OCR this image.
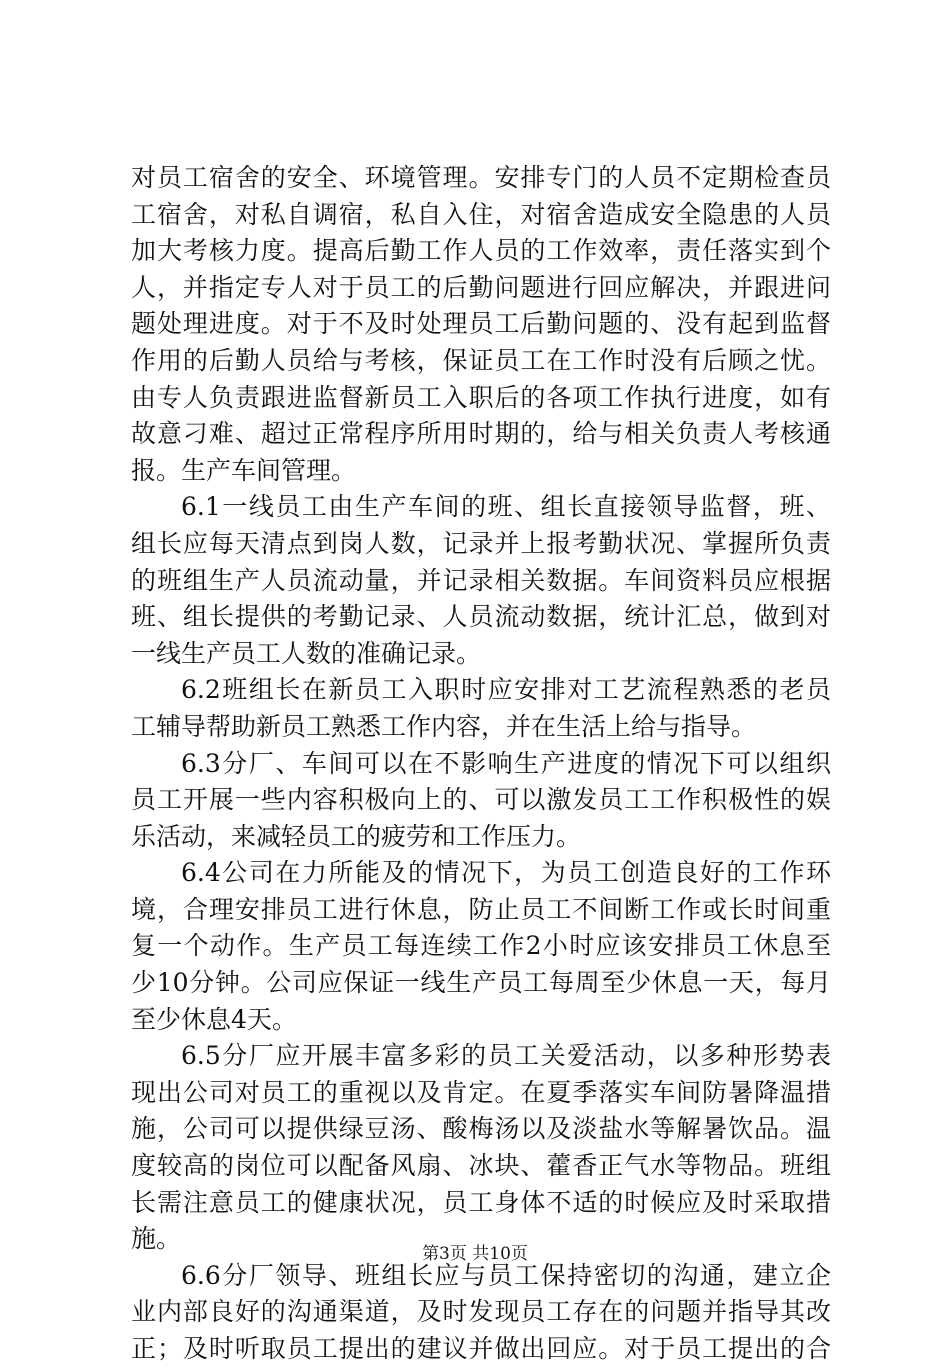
对员工宿舍的安全、环境管理。安排专门的人员不定期检查员
工宿舍，对私自调宿，私自入住，对宿舍造成安全隐患的人员
加大考核力度。提高后勤工作人员的工作效率，责任落实到个
人，并指定专人对于员工的后勤问题进行回应解决，并跟进问
题处理进度。对于不及时处理员工后勤问题的、没有起到监督
作用的后勤人员给与考核，保证员工在工作时没有后顾之忧。
由专人负责跟进监督新员工入职后的各项工作执行进度，如有
故意刁难、超过正常程序所用时期的，给与相关负责人考核通
报。生产车间管理。
6.1一线员工由生产车间的班、组长直接领导监督，班、
组长应每天清点到岗人数，记录并上报考勤状况、掌握所负责
的班组生产人员流动量，并记录相关数据。车间资料员应根据
班、组长提供的考勤记录、人员流动数据，统计汇总，做到对
一线生产员工人数的准确记录。
6.2班组长在新员工入职时应安排对工艺流程熟悉的老员
工辅导帮助新员工熟悉工作内容，并在生活上给与指导。
6.3分厂、车间可以在不影响生产进度的情况下可以组织
员工开展一些内容积极向上的、可以激发员工工作积极性的娱
乐活动，来减轻员工的疲劳和工作压力。
6.4公司在力所能及的情况下，为员工创造良好的工作环
境，合理安排员工进行休息，防止员工不间断工作或长时间重
复一个动作。生产员工每连续工作2小时应该安排员工休息至
少10分钟。公司应保证一线生产员工每周至少休息一天，每月
至少休息4天。
6.5分厂应开展丰富多彩的员工关爱活动，以多种形势表
现出公司对员工的重视以及肯定。在夏季落实车间防暑降温措
施，公司可以提供绿豆汤、酸梅汤以及淡盐水等解暑饮品。温
度较高的岗位可以配备风扇、冰块、藿香正气水等物品。班组
长需注意员工的健康状况，员工身体不适的时候应及时采取措
施。
6.6分厂领导、班组长应与员工保持密切的沟通，建立企
业内部良好的沟通渠道，及时发现员工存在的问题并指导其改
正；及时听取员工提出的建议并做出回应。对于员工提出的合
第3页 共10页
